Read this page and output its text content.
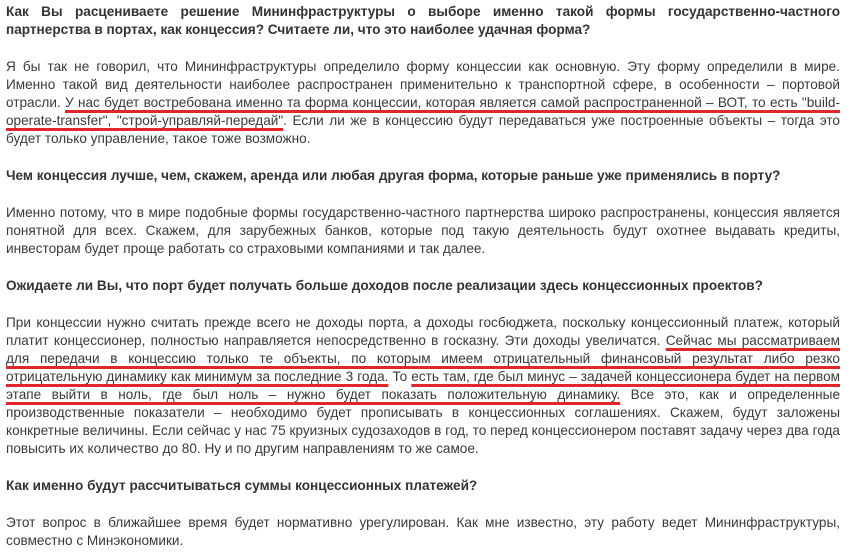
Как Вы расцениваете решение Мининфраструктуры о выборе именно такой формы государственно-частного партнерства в портах, как концессия? Считаете ли, что это наиболее удачная форма?

Я бы так не говорил, что Мининфраструктуры определило форму концессии как основную. Эту форму определили в мире. Именно такой вид деятельности наиболее распространен применительно к транспортной сфере, в особенности – портовой отрасли. У нас будет востребована именно та форма концессии, которая является самой распространенной – ВОТ, то есть "build-operate-transfer", "строй-управляй-передай". Если ли же в концессию будут передаваться уже построенные объекты – тогда это будет только управление, такое тоже возможно.

Чем концессия лучше, чем, скажем, аренда или любая другая форма, которые раньше уже применялись в порту?

Именно потому, что в мире подобные формы государственно-частного партнерства широко распространены, концессия является понятной для всех. Скажем, для зарубежных банков, которые под такую деятельность будут охотнее выдавать кредиты, инвесторам будет проще работать со страховыми компаниями и так далее.

Ожидаете ли Вы, что порт будет получать больше доходов после реализации здесь концессионных проектов?

При концессии нужно считать прежде всего не доходы порта, а доходы госбюджета, поскольку концессионный платеж, который платит концессионер, полностью направляется непосредственно в госказну. Эти доходы увеличатся. Сейчас мы рассматриваем для передачи в концессию только те объекты, по которым имеем отрицательный финансовый результат либо резко отрицательную динамику как минимум за последние 3 года. То есть там, где был минус – задачей концессионера будет на первом этапе выйти в ноль, где был ноль – нужно будет показать положительную динамику. Все это, как и определенные производственные показатели – необходимо будет прописывать в концессионных соглашениях. Скажем, будут заложены конкретные величины. Если сейчас у нас 75 круизных судозаходов в год, то перед концессионером поставят задачу через два года повысить их количество до 80. Ну и по другим направлениям то же самое.

Как именно будут рассчитываться суммы концессионных платежей?

Этот вопрос в ближайшее время будет нормативно урегулирован. Как мне известно, эту работу ведет Мининфраструктуры, совместно с Минэкономики.
